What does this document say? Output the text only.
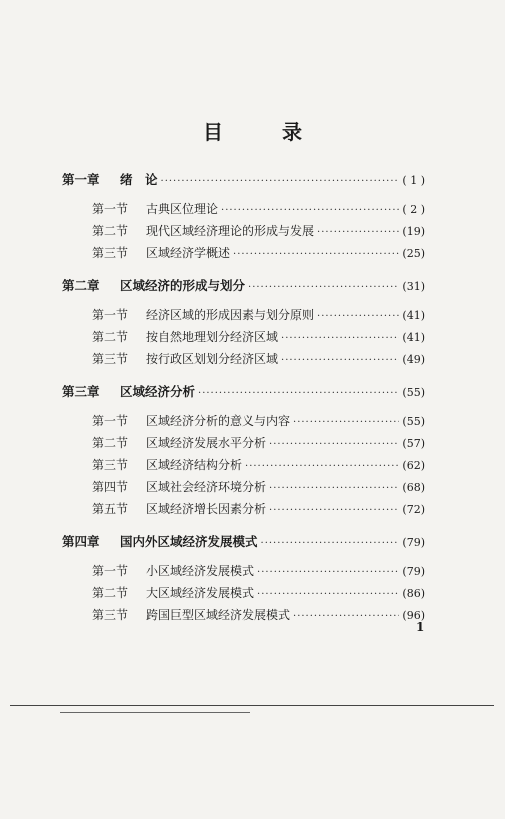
目 录
第一章	绪　论 ·····	( 1 )
第一节	古典区位理论 ·····	( 2 )
第二节	现代区域经济理论的形成与发展 ·····	(19)
第三节	区域经济学概述 ·····	(25)
第二章	区域经济的形成与划分 ·····	(31)
第一节	经济区域的形成因素与划分原则 ·····	(41)
第二节	按自然地理划分经济区域 ·····	(41)
第三节	按行政区划划分经济区域 ·····	(49)
第三章	区域经济分析 ·····	(55)
第一节	区域经济分析的意义与内容 ·····	(55)
第二节	区域经济发展水平分析 ·····	(57)
第三节	区域经济结构分析 ·····	(62)
第四节	区域社会经济环境分析 ·····	(68)
第五节	区域经济增长因素分析 ·····	(72)
第四章	国内外区域经济发展模式 ·····	(79)
第一节	小区域经济发展模式 ·····	(79)
第二节	大区域经济发展模式 ·····	(86)
第三节	跨国巨型区域经济发展模式 ·····	(96)
1
